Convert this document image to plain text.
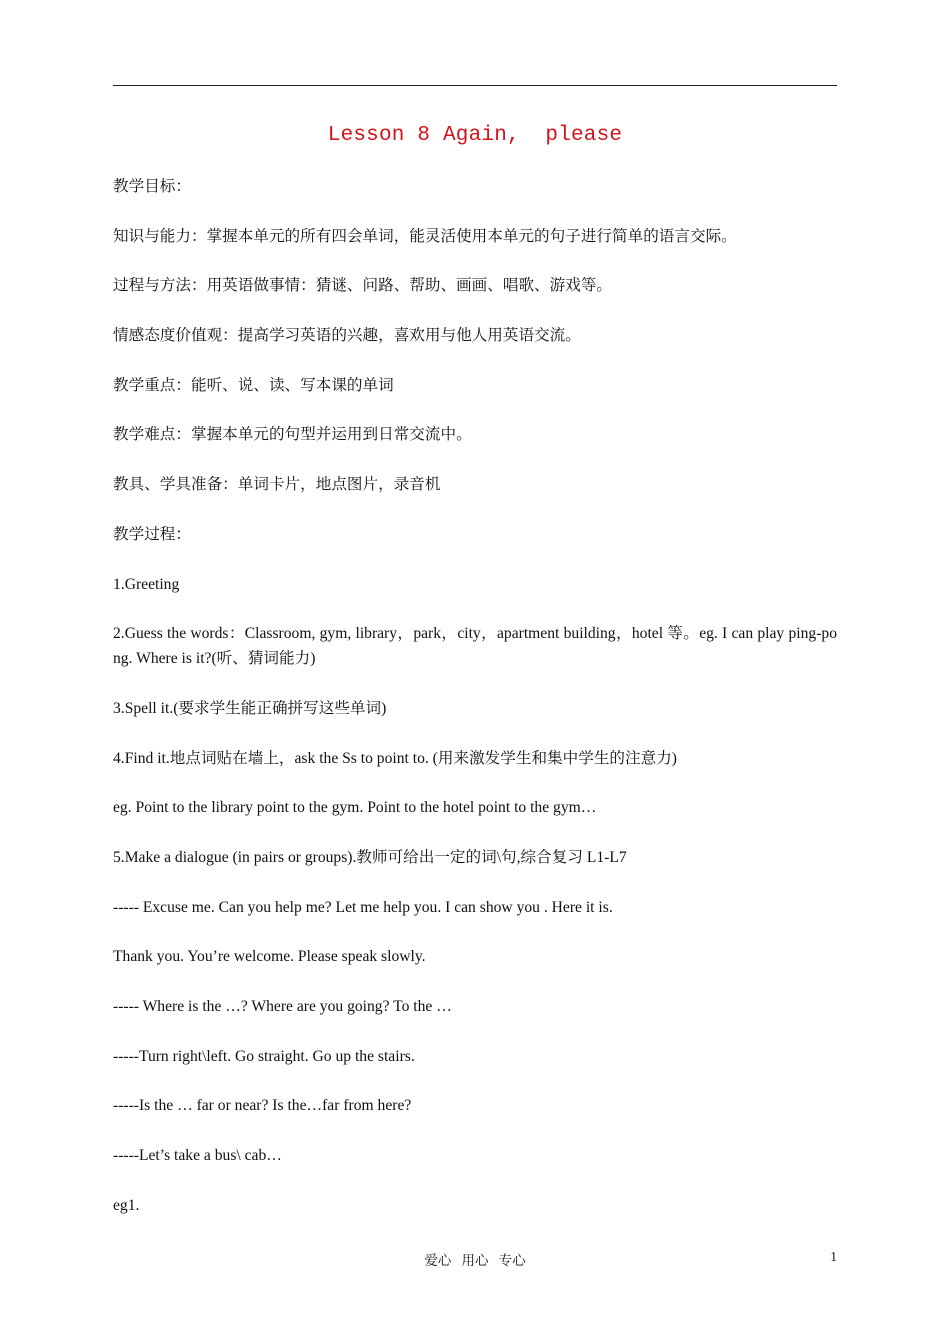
Lesson 8 Again,  please

教学目标：

知识与能力：掌握本单元的所有四会单词，能灵活使用本单元的句子进行简单的语言交际。

过程与方法：用英语做事情：猜谜、问路、帮助、画画、唱歌、游戏等。

情感态度价值观：提高学习英语的兴趣，喜欢用与他人用英语交流。

教学重点：能听、说、读、写本课的单词

教学难点：掌握本单元的句型并运用到日常交流中。

教具、学具准备：单词卡片，地点图片，录音机

教学过程：

1.Greeting

2.Guess the words：Classroom, gym, library，park，city，apartment building，hotel 等。eg. I can play ping-pong. Where is it?(听、猜词能力)

3.Spell it.(要求学生能正确拼写这些单词)

4.Find it.地点词贴在墙上，ask the Ss to point to. (用来激发学生和集中学生的注意力)

eg. Point to the library point to the gym. Point to the hotel point to the gym…

5.Make a dialogue (in pairs or groups).教师可给出一定的词\句,综合复习 L1-L7

----- Excuse me. Can you help me? Let me help you. I can show you . Here it is.

Thank you. You’re welcome. Please speak slowly.

----- Where is the …? Where are you going? To the …

-----Turn right\left. Go straight. Go up the stairs.

-----Is the … far or near? Is the…far from here?

-----Let’s take a bus\ cab…

eg1.

爱心   用心   专心	1
